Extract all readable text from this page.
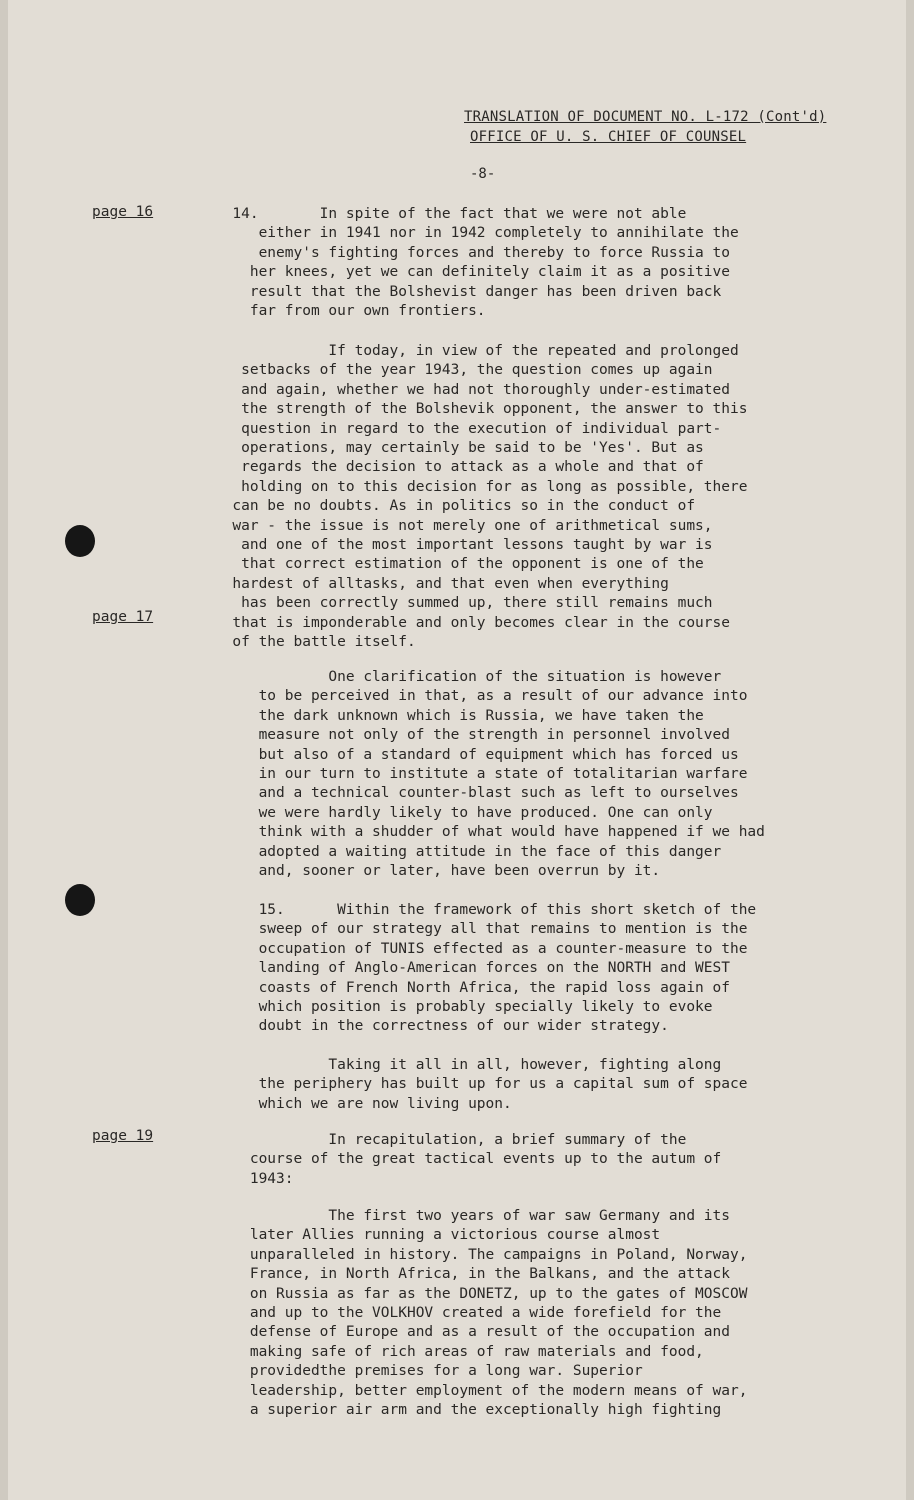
TRANSLATION OF DOCUMENT NO. L-172 (Cont'd)
OFFICE OF U. S. CHIEF OF COUNSEL
-8-
page 16
page 17
page 19
14.       In spite of the fact that we were not able
either in 1941 nor in 1942 completely to annihilate the
enemy's fighting forces and thereby to force Russia to
her knees, yet we can definitely claim it as a positive
result that the Bolshevist danger has been driven back
far from our own frontiers.
If today, in view of the repeated and prolonged
setbacks of the year 1943, the question comes up again
and again, whether we had not thoroughly under-estimated
the strength of the Bolshevik opponent, the answer to this
question in regard to the execution of individual part-
operations, may certainly be said to be 'Yes'. But as
regards the decision to attack as a whole and that of
holding on to this decision for as long as possible, there
can be no doubts. As in politics so in the conduct of
war - the issue is not merely one of arithmetical sums,
and one of the most important lessons taught by war is
that correct estimation of the opponent is one of the
hardest of alltasks, and that even when everything
has been correctly summed up, there still remains much
that is imponderable and only becomes clear in the course
of the battle itself.
One clarification of the situation is however
to be perceived in that, as a result of our advance into
the dark unknown which is Russia, we have taken the
measure not only of the strength in personnel involved
but also of a standard of equipment which has forced us
in our turn to institute a state of totalitarian warfare
and a technical counter-blast such as left to ourselves
we were hardly likely to have produced. One can only
think with a shudder of what would have happened if we had
adopted a waiting attitude in the face of this danger
and, sooner or later, have been overrun by it.
15.      Within the framework of this short sketch of the
sweep of our strategy all that remains to mention is the
occupation of TUNIS effected as a counter-measure to the
landing of Anglo-American forces on the NORTH and WEST
coasts of French North Africa, the rapid loss again of
which position is probably specially likely to evoke
doubt in the correctness of our wider strategy.
Taking it all in all, however, fighting along
the periphery has built up for us a capital sum of space
which we are now living upon.
In recapitulation, a brief summary of the
course of the great tactical events up to the autum of
1943:
The first two years of war saw Germany and its
later Allies running a victorious course almost
unparalleled in history. The campaigns in Poland, Norway,
France, in North Africa, in the Balkans, and the attack
on Russia as far as the DONETZ, up to the gates of MOSCOW
and up to the VOLKHOV created a wide forefield for the
defense of Europe and as a result of the occupation and
making safe of rich areas of raw materials and food,
providedthe premises for a long war. Superior
leadership, better employment of the modern means of war,
a superior air arm and the exceptionally high fighting
